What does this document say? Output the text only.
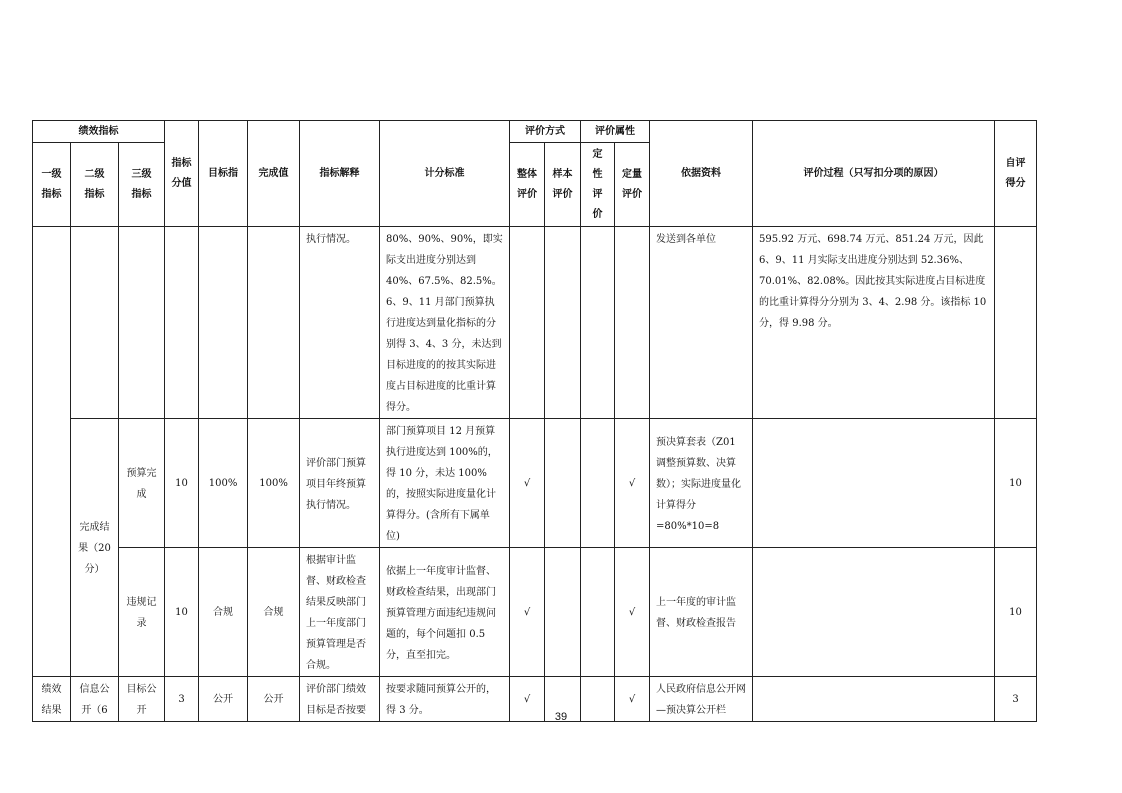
绩效指标			指标分值	目标指	完成值	指标解释	计分标准	评价方式		评价属性		依据资料	评价过程（只写扣分项的原因）	自评得分

一级指标	二级指标	三级指标						整体评价	样本评价	定性评价	定量评价			

						执行情况。	80%、90%、90%，即实际支出进度分别达到 40%、67.5%、82.5%。6、9、11 月部门预算执行进度达到量化指标的分别得 3、4、3 分，未达到目标进度的的按其实际进度占目标进度的比重计算得分。					发送到各单位	595.92 万元、698.74 万元、851.24 万元，因此 6、9、11 月实际支出进度分别达到 52.36%、70.01%、82.08%。因此按其实际进度占目标进度的比重计算得分分别为 3、4、2.98 分。该指标 10 分，得 9.98 分。	

	完成结果（20分）	预算完成	10	100%	100%	评价部门预算项目年终预算执行情况。	部门预算项目 12 月预算执行进度达到 100%的，得 10 分，未达 100%的，按照实际进度量化计算得分。(含所有下属单位)	√			√	预决算套表（Z01 调整预算数、决算数）；实际进度量化计算得分=80%*10=8		10
		违规记录	10	合规	合规	根据审计监督、财政检查结果反映部门上一年度部门预算管理是否合规。	依据上一年度审计监督、财政检查结果，出现部门预算管理方面违纪违规问题的，每个问题扣 0.5 分，直至扣完。	√			√	上一年度的审计监督、财政检查报告		10
绩效结果	信息公开（6	目标公开	3	公开	公开	评价部门绩效目标是否按要	按要求随同预算公开的，得 3 分。	√			√	人民政府信息公开网—预决算公开栏		3
39
